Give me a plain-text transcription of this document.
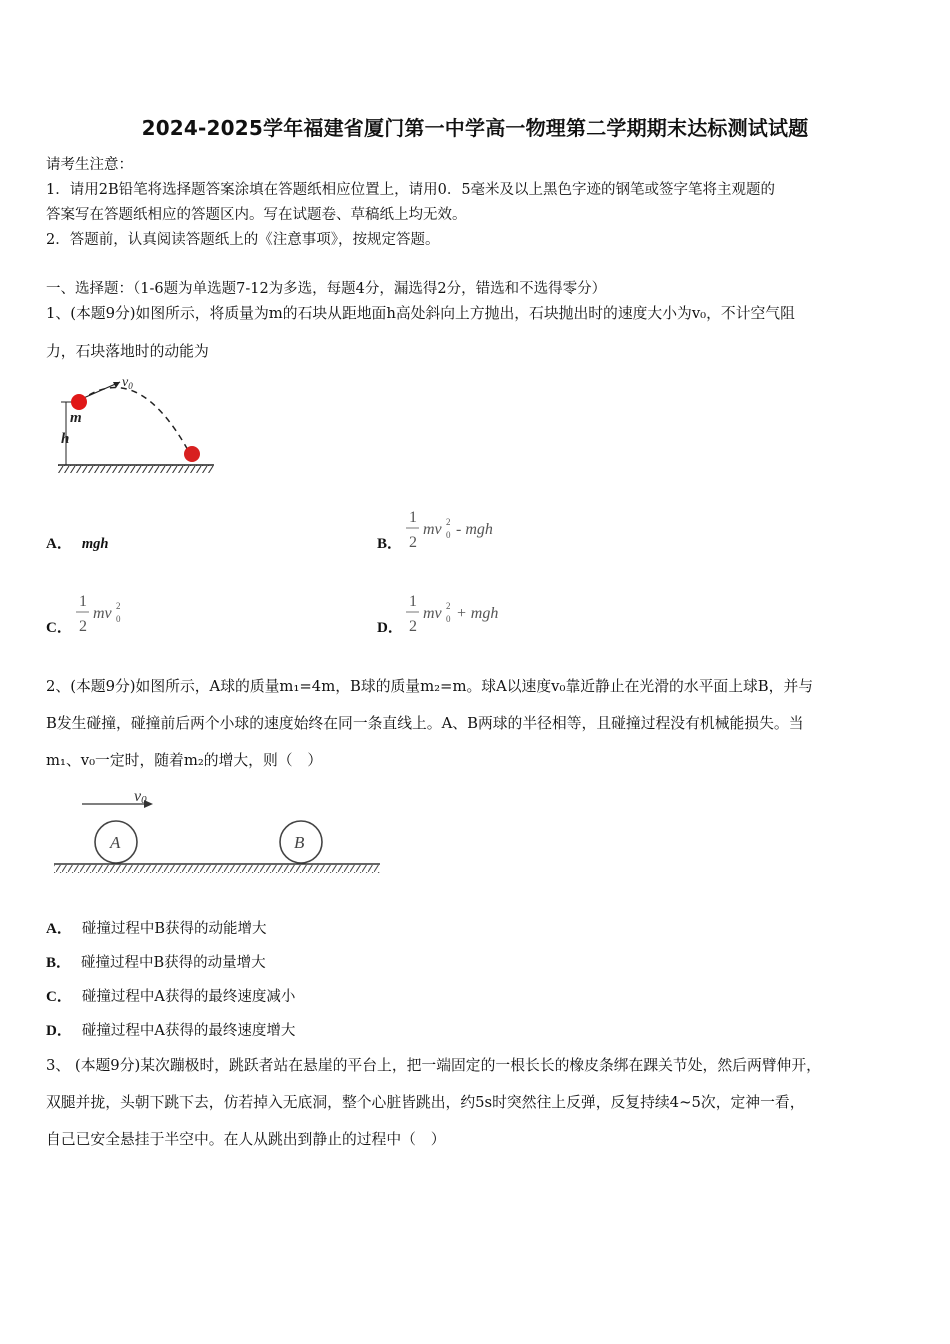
2024-2025学年福建省厦门第一中学高一物理第二学期期末达标测试试题
请考生注意：
1．请用2B铅笔将选择题答案涂填在答题纸相应位置上，请用0．5毫米及以上黑色字迹的钢笔或签字笔将主观题的
答案写在答题纸相应的答题区内。写在试题卷、草稿纸上均无效。
2．答题前，认真阅读答题纸上的《注意事项》，按规定答题。
一、选择题：（1-6题为单选题7-12为多选，每题4分，漏选得2分，错选和不选得零分）
1、(本题9分)如图所示，将质量为m的石块从距地面h高处斜向上方抛出，石块抛出时的速度大小为v₀，不计空气阻
力，石块落地时的动能为
$v_0$
m
h
A． mgh	B．
1
2
mv 2
0 - mgh
C．
1
2
mv 2
0
D．
1
2
mv 2
0 + mgh
2、(本题9分)如图所示，A球的质量m₁=4m，B球的质量m₂=m。球A以速度v₀靠近静止在光滑的水平面上球B，并与
B发生碰撞，碰撞前后两个小球的速度始终在同一条直线上。A、B两球的半径相等，且碰撞过程没有机械能损失。当
m₁、v₀一定时，随着m₂的增大，则（　）
v0
A	B
A． 碰撞过程中B获得的动能增大
B． 碰撞过程中B获得的动量增大
C． 碰撞过程中A获得的最终速度减小
D． 碰撞过程中A获得的最终速度增大
3、 (本题9分)某次蹦极时，跳跃者站在悬崖的平台上，把一端固定的一根长长的橡皮条绑在踝关节处，然后两臂伸开，
双腿并拢，头朝下跳下去，仿若掉入无底洞，整个心脏皆跳出，约5s时突然往上反弹，反复持续4~5次，定神一看，
自己已安全悬挂于半空中。在人从跳出到静止的过程中（　）
